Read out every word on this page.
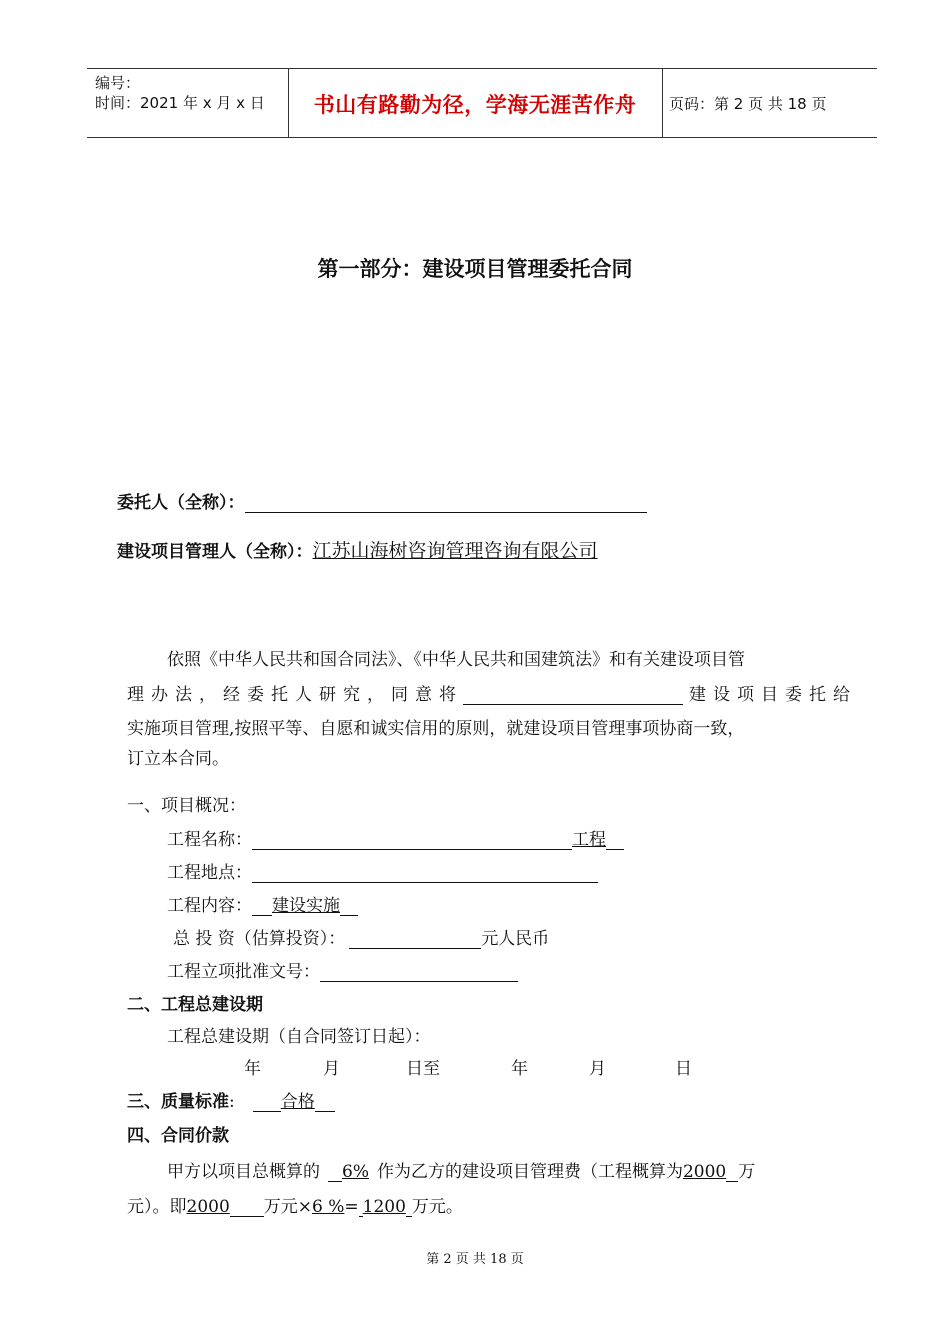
编号：
时间：2021 年 x 月 x 日	书山有路勤为径，学海无涯苦作舟	页码：第 2 页 共 18 页
第一部分：建设项目管理委托合同
委托人（全称）：
建设项目管理人（全称）：江苏山海树咨询管理咨询有限公司
依照《中华人民共和国合同法》、《中华人民共和国建筑法》和有关建设项目管
理办法，经委托人研究，同意将	建设项目委托给
实施项目管理,按照平等、自愿和诚实信用的原则，就建设项目管理事项协商一致，
订立本合同。
一、项目概况：
工程名称：	工程
工程地点：
工程内容： 建设实施
总 投 资（估算投资）：	元人民币
工程立项批准文号：
二、工程总建设期
工程总建设期（自合同签订日起）：
年	月	日至	年	月	日
三、质量标准:	合格
四、合同价款
甲方以项目总概算的 6% 作为乙方的建设项目管理费（工程概算为2000 万
元）。即2000 万元×6 %= 1200 万元。
第 2 页 共 18 页
